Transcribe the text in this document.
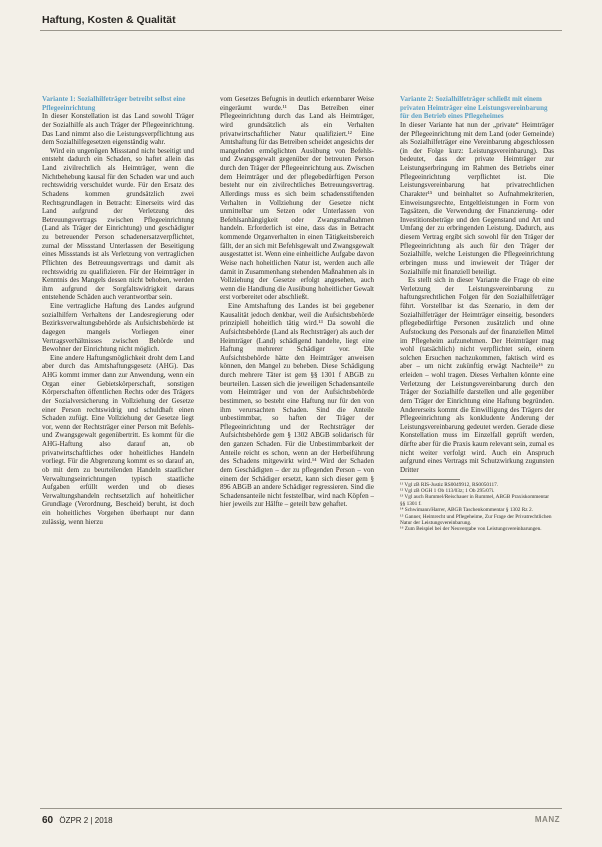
Haftung, Kosten & Qualität
Variante 1: Sozialhilfeträger betreibt selbst eine Pflegeeinrichtung

In dieser Konstellation ist das Land sowohl Träger der Sozialhilfe als auch Träger der Pflegeeinrichtung. Das Land nimmt also die Leistungsverpflichtung aus dem Sozialhilfegesetzen eigenständig wahr.

Wird ein ungenügen Missstand nicht beseitigt und entsteht dadurch ein Schaden, so haftet allein das Land zivilrechtlich als Heimträger, wenn die Nichtbehebung kausal für den Schaden war und auch rechtswidrig verschuldet wurde. Für den Ersatz des Schadens kommen grundsätzlich zwei Rechtsgrundlagen in Betracht: Einerseits wird das Land aufgrund der Verletzung des Betreuungsvertrags zwischen Pflegeeinrichtung (Land als Träger der Einrichtung) und geschädigter zu betreuender Person schadenersatzverpflichtet, zumal der Missstand Unterlassen der Beseitigung eines Missstands ist als Verletzung von vertraglichen Pflichten des Betreuungsvertrags und damit als rechtswidrig zu qualifizieren. Für der Heimträger in Kenntnis des Mangels dessen nicht behoben, werden ihm aufgrund der Sorgfaltswidrigkeit daraus entstehende Schäden auch verantwortbar sein.

Eine vertragliche Haftung des Landes aufgrund sozialhilfern Verhaltens der Landesregierung oder Bezirksverwaltungsbehörde als Aufsichtsbehörde ist dagegen mangels Vorliegen einer Vertragsverhältnisses zwischen Behörde und Bewohner der Einrichtung nicht möglich.

Eine andere Haftungsmöglichkeit droht dem Land aber durch das Amtshaftungsgesetz (AHG). Das AHG kommt immer dann zur Anwendung, wenn ein Organ einer Gebietskörperschaft, sonstigen Körperschaften öffentlichen Rechts oder des Trägers der Sozialversicherung in Vollziehung der Gesetze einer Person rechtswidrig und schuldhaft einen Schaden zufügt. Eine Vollziehung der Gesetze liegt vor, wenn der Rechtsträger einer Person mit Befehls- und Zwangsgewalt gegenübertritt. Es kommt für die AHG-Haftung also darauf an, ob privatwirtschaftliches oder hoheitliches Handeln vorliegt. Für die Abgrenzung kommt es so darauf an, ob mit dem zu beurteilenden Handeln staatlicher Verwaltungseinrichtungen typisch staatliche Aufgaben erfüllt werden und ob dieses Verwaltungshandeln rechtsetzlich auf hoheitlicher Grundlage (Verordnung, Bescheid) beruht, ist doch ein hoheitliches Vorgehen überhaupt nur dann zulässig, wenn hierzu

vom Gesetzes Befugnis in deutlich erkennbarer Weise eingeräumt wurde.¹¹ Das Betreiben einer Pflegeeinrichtung durch das Land als Heimträger, wird grundsätzlich als ein Verhalten privatwirtschaftlicher Natur qualifiziert.¹² Eine Amtshaftung für das Betreiben scheidet angesichts der mangelnden ermöglichten Ausübung von Befehls- und Zwangsgewalt gegenüber der betreuten Person durch den Träger der Pflegeeinrichtung aus. Zwischen dem Heimträger und der pflegebedürftigen Person besteht nur ein zivilrechtliches Betreuungsvertrag. Allerdings muss es sich beim schadensstiftenden Verhalten in Vollziehung der Gesetze nicht unmittelbar um Setzen oder Unterlassen von Befehlsanhängigkeit oder Zwangsmaßnahmen handeln. Erforderlich ist eine, dass das in Betracht kommende Organverhalten in einen Tätigkeitsbereich fällt, der an sich mit Befehlsgewalt und Zwangsgewalt ausgestattet ist. Wenn eine einheitliche Aufgabe davon Weise nach hoheitlichen Natur ist, werden auch alle damit in Zusammenhang stehenden Maßnahmen als in Vollziehung der Gesetze erfolgt angesehen, auch wenn die Handlung die Ausübung hoheitlicher Gewalt erst vorbereitet oder abschließt.

Eine Amtshaftung des Landes ist bei gegebener Kausalität jedoch denkbar, weil die Aufsichtsbehörde prinzipiell hoheitlich tätig wird.¹³ Da sowohl die Aufsichtsbehörde (Land als Rechtsträger) als auch der Heimträger (Land) schädigend handelte, liegt eine Haftung mehrerer Schädiger vor. Die Aufsichtsbehörde hätte den Heimträger anweisen können, den Mangel zu beheben. Diese Schädigung durch mehrere Täter ist gem §§ 1301 f ABGB zu beurteilen. Lassen sich die jeweiligen Schadensanteile vom Heimträger und von der Aufsichtsbehörde bestimmen, so besteht eine Haftung nur für den von ihm verursachten Schaden. Sind die Anteile unbestimmbar, so haften der Träger der Pflegeeinrichtung und der Rechtsträger der Aufsichtsbehörde gem § 1302 ABGB solidarisch für den ganzen Schaden. Für die Unbestimmbarkeit der Anteile reicht es schon, wenn an der Herbeiführung des Schadens mitgewirkt wird.¹⁴ Wird der Schaden dem Geschädigten – der zu pflegenden Person – von einem der Schädiger ersetzt, kann sich dieser gem § 896 ABGB an andere Schädiger regressieren. Sind die Schadensanteile nicht feststellbar, wird nach Köpfen – hier jeweils zur Hälfte – geteilt bzw gehaftet.

Variante 2: Sozialhilfeträger schließt mit einem privaten Heimträger eine Leistungsvereinbarung für den Betrieb eines Pflegeheimes

In dieser Variante hat nun der „private“ Heimträger der Pflegeeinrichtung mit dem Land (oder Gemeinde) als Sozialhilfeträger eine Vereinbarung abgeschlossen (in der Folge kurz: Leistungsvereinbarung). Das bedeutet, dass der private Heimträger zur Leistungserbringung im Rahmen des Betriebs einer Pflegeeinrichtung verpflichtet ist. Die Leistungsvereinbarung hat privatrechtlichen Charakter¹⁵ und beinhaltet so Aufnahmekriterien, Einweisungsrechte, Entgeltleistungen in Form von Tagsätzen, die Verwendung der Finanzierung- oder Investitionsbeträge und den Gegenstand und Art und Umfang der zu erbringenden Leistung. Dadurch, aus diesem Vertrag ergibt sich sowohl für den Träger der Pflegeeinrichtung als auch für den Träger der Sozialhilfe, welche Leistungen die Pflegeeinrichtung erbringen muss und inwieweit der Träger der Sozialhilfe mit finanziell beteiligt.

Es stellt sich in dieser Variante die Frage ob eine Verletzung der Leistungsvereinbarung zu haftungsrechtlichen Folgen für den Sozialhilfeträger führt. Vorstellbar ist das Szenario, in dem der Sozialhilfeträger der Heimträger einseitig, besonders pflegebedürftige Personen zusätzlich und ohne Aufstockung des Personals auf der finanziellen Mittel im Pflegeheim aufzunehmen. Der Heimträger mag wohl (tatsächlich) nicht verpflichtet sein, einem solchen Ersuchen nachzukommen, faktisch wird es aber – um nicht zukünftig erwägt Nachteile¹⁶ zu erleiden – wohl tragen. Dieses Verhalten könnte eine Verletzung der Leistungsvereinbarung durch den Träger der Sozialhilfe darstellen und alle gegenüber dem Träger der Einrichtung eine Haftung begründen. Andererseits kommt die Einwilligung des Trägers der Pflegeeinrichtung als konkludente Änderung der Leistungsvereinbarung gedeutet werden. Gerade diese Konstellation muss im Einzelfall geprüft werden, dürfte aber für die Praxis kaum relevant sein, zumal es nicht weiter verfolgt wird. Auch ein Anspruch aufgrund eines Vertrags mit Schutzwirkung zugunsten Dritter

¹¹ Vgl zB RIS-Justiz RS0049912, RS0050117.
¹² Vgl zB OGH 1 Ob 113/03z; 1 Ob 295/07i.
¹³ Vgl auch Rummel/Reischauer in Rummel, ABGB Praxiskommentar §§ 1301 f.
¹⁴ Schwimann/Harrer, ABGB Taschenkommentar § 1302 Rz 2.
¹⁵ Ganner, Heimrecht und Pflegeheime, Zur Frage der Privatrechtlichen Natur der Leistungsvereinbarung.
¹⁶ Zum Beispiel bei der Neuvergabe von Leistungsvereinbarungen.
60 ÖZPR 2 | 2018	MANZ
